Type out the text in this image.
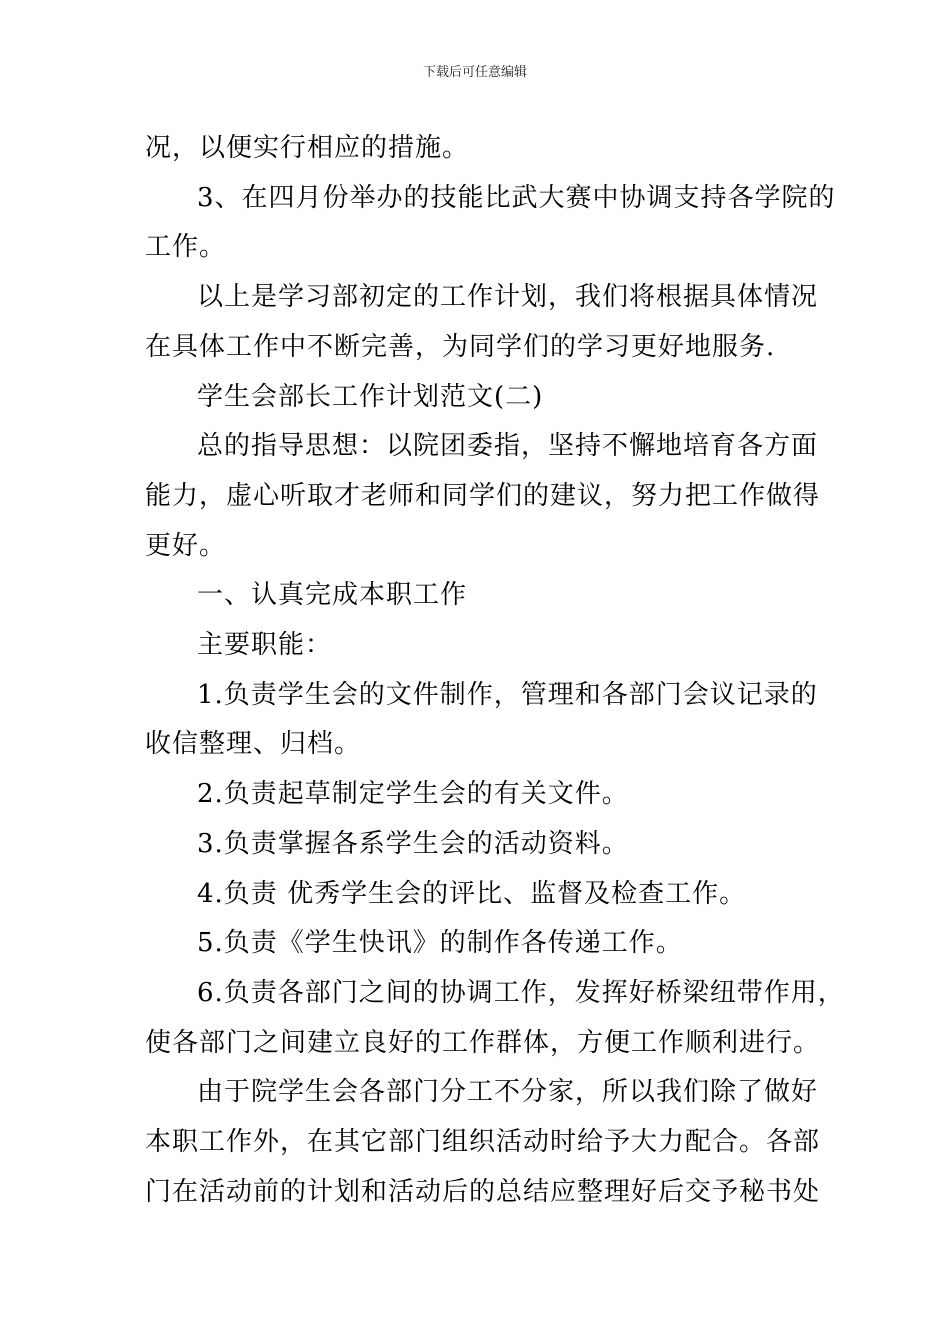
下载后可任意编辑

况，以便实行相应的措施。

3、在四月份举办的技能比武大赛中协调支持各学院的

工作。

以上是学习部初定的工作计划，我们将根据具体情况

在具体工作中不断完善，为同学们的学习更好地服务.

学生会部长工作计划范文(二)

总的指导思想：以院团委指，坚持不懈地培育各方面

能力，虚心听取才老师和同学们的建议，努力把工作做得

更好。

一、认真完成本职工作

主要职能：

1.负责学生会的文件制作，管理和各部门会议记录的

收信整理、归档。

2.负责起草制定学生会的有关文件。

3.负责掌握各系学生会的活动资料。

4.负责 优秀学生会的评比、监督及检查工作。

5.负责《学生快讯》的制作各传递工作。

6.负责各部门之间的协调工作，发挥好桥梁纽带作用，

使各部门之间建立良好的工作群体，方便工作顺利进行。

由于院学生会各部门分工不分家，所以我们除了做好

本职工作外，在其它部门组织活动时给予大力配合。各部

门在活动前的计划和活动后的总结应整理好后交予秘书处
